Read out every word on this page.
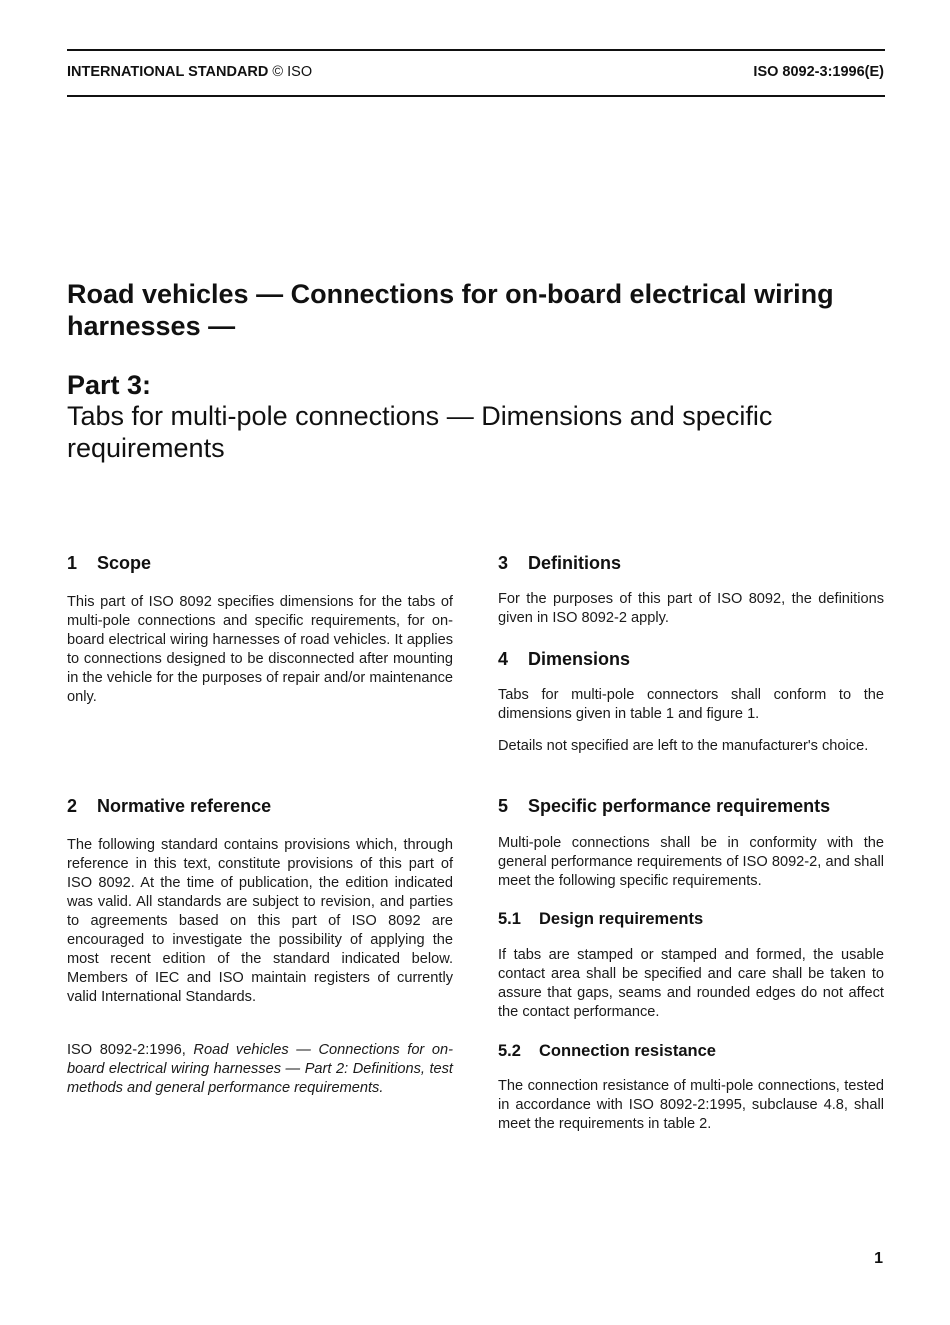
INTERNATIONAL STANDARD © ISO	ISO 8092-3:1996(E)
Road vehicles — Connections for on-board electrical wiring harnesses —
Part 3:
Tabs for multi-pole connections — Dimensions and specific requirements
1 Scope
This part of ISO 8092 specifies dimensions for the tabs of multi-pole connections and specific requirements, for on-board electrical wiring harnesses of road vehicles. It applies to connections designed to be disconnected after mounting in the vehicle for the purposes of repair and/or maintenance only.
2 Normative reference
The following standard contains provisions which, through reference in this text, constitute provisions of this part of ISO 8092. At the time of publication, the edition indicated was valid. All standards are subject to revision, and parties to agreements based on this part of ISO 8092 are encouraged to investigate the possibility of applying the most recent edition of the standard indicated below. Members of IEC and ISO maintain registers of currently valid International Standards.
ISO 8092-2:1996, Road vehicles — Connections for on-board electrical wiring harnesses — Part 2: Definitions, test methods and general performance requirements.
3 Definitions
For the purposes of this part of ISO 8092, the definitions given in ISO 8092-2 apply.
4 Dimensions
Tabs for multi-pole connectors shall conform to the dimensions given in table 1 and figure 1.
Details not specified are left to the manufacturer's choice.
5 Specific performance requirements
Multi-pole connections shall be in conformity with the general performance requirements of ISO 8092-2, and shall meet the following specific requirements.
5.1 Design requirements
If tabs are stamped or stamped and formed, the usable contact area shall be specified and care shall be taken to assure that gaps, seams and rounded edges do not affect the contact performance.
5.2 Connection resistance
The connection resistance of multi-pole connections, tested in accordance with ISO 8092-2:1995, subclause 4.8, shall meet the requirements in table 2.
1
